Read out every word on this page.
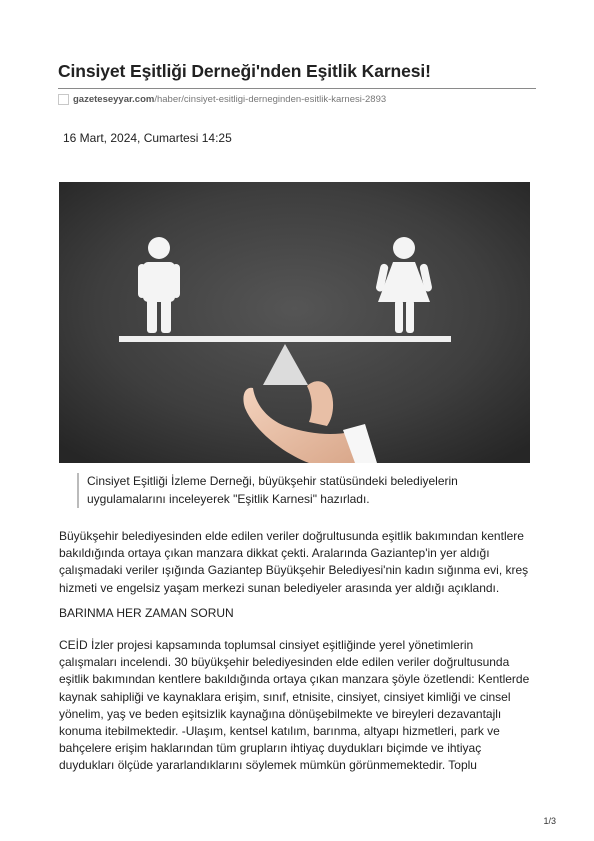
Cinsiyet Eşitliği Derneği'nden Eşitlik Karnesi!
gazeteseyyar.com /haber/cinsiyet-esitligi-derneginden-esitlik-karnesi-2893
16 Mart, 2024, Cumartesi 14:25
Cinsiyet Eşitliği İzleme Derneği, büyükşehir statüsündeki belediyelerin uygulamalarını inceleyerek "Eşitlik Karnesi" hazırladı.

Büyükşehir belediyesinden elde edilen veriler doğrultusunda eşitlik bakımından kentlere bakıldığında ortaya çıkan manzara dikkat çekti. Aralarında Gaziantep'in yer aldığı çalışmadaki veriler ışığında Gaziantep Büyükşehir Belediyesi'nin kadın sığınma evi, kreş hizmeti ve engelsiz yaşam merkezi sunan belediyeler arasında yer aldığı açıklandı.

BARINMA HER ZAMAN SORUN

CEİD İzler projesi kapsamında toplumsal cinsiyet eşitliğinde yerel yönetimlerin çalışmaları incelendi. 30 büyükşehir belediyesinden elde edilen veriler doğrultusunda eşitlik bakımından kentlere bakıldığında ortaya çıkan manzara şöyle özetlendi: Kentlerde kaynak sahipliği ve kaynaklara erişim, sınıf, etnisite, cinsiyet, cinsiyet kimliği ve cinsel yönelim, yaş ve beden eşitsizlik kaynağına dönüşebilmekte ve bireyleri dezavantajlı konuma itebilmektedir. -Ulaşım, kentsel katılım, barınma, altyapı hizmetleri, park ve bahçelere erişim haklarından tüm grupların ihtiyaç duydukları biçimde ve ihtiyaç duydukları ölçüde yararlandıklarını söylemek mümkün görünmemektedir. Toplu

1/3
